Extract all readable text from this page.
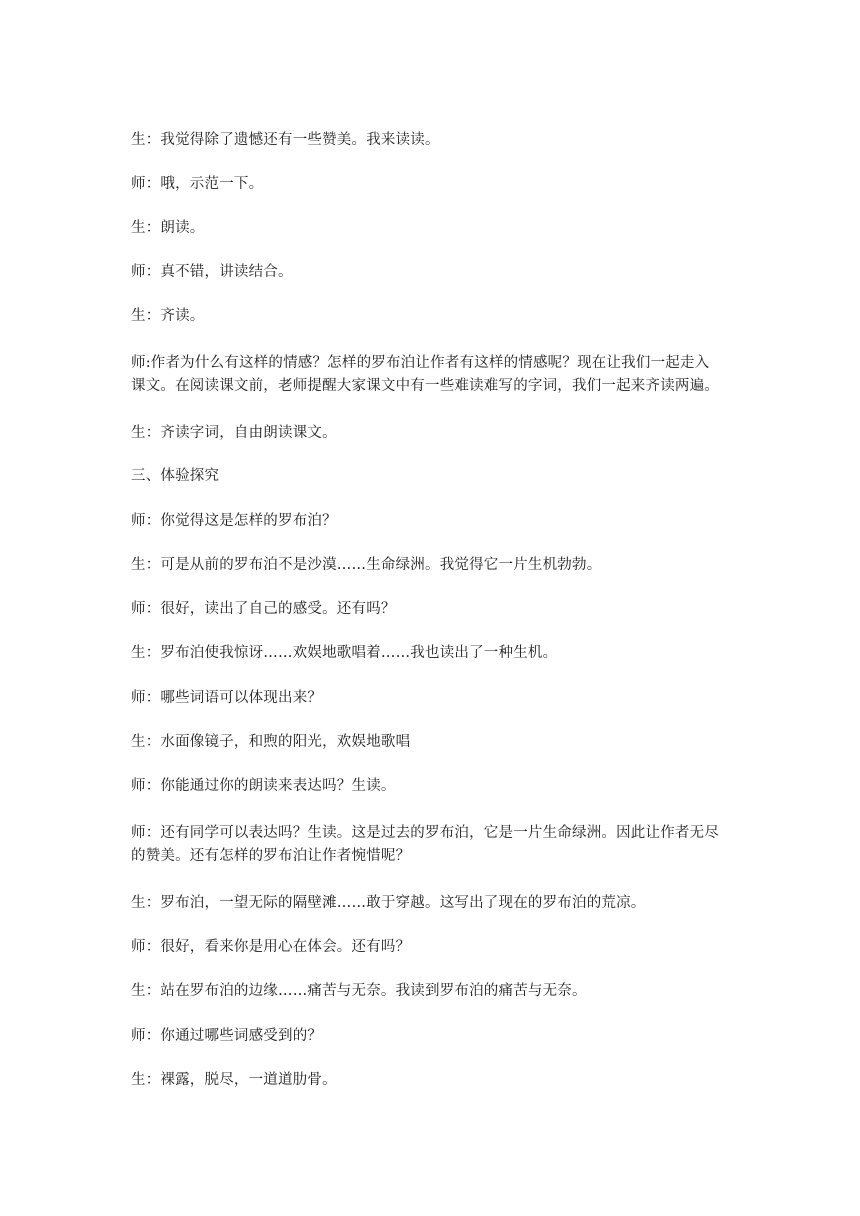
生：我觉得除了遗憾还有一些赞美。我来读读。
师：哦，示范一下。
生：朗读。
师：真不错，讲读结合。
生：齐读。
师:作者为什么有这样的情感？怎样的罗布泊让作者有这样的情感呢？现在让我们一起走入
课文。在阅读课文前，老师提醒大家课文中有一些难读难写的字词，我们一起来齐读两遍。
生：齐读字词，自由朗读课文。
三、体验探究
师：你觉得这是怎样的罗布泊？
生：可是从前的罗布泊不是沙漠……生命绿洲。我觉得它一片生机勃勃。
师：很好，读出了自己的感受。还有吗？
生：罗布泊使我惊讶……欢娱地歌唱着……我也读出了一种生机。
师：哪些词语可以体现出来？
生：水面像镜子，和煦的阳光，欢娱地歌唱
师：你能通过你的朗读来表达吗？生读。
师：还有同学可以表达吗？生读。这是过去的罗布泊，它是一片生命绿洲。因此让作者无尽
的赞美。还有怎样的罗布泊让作者惋惜呢？
生：罗布泊，一望无际的隔壁滩……敢于穿越。这写出了现在的罗布泊的荒凉。
师：很好，看来你是用心在体会。还有吗？
生：站在罗布泊的边缘……痛苦与无奈。我读到罗布泊的痛苦与无奈。
师：你通过哪些词感受到的？
生：裸露，脱尽，一道道肋骨。
